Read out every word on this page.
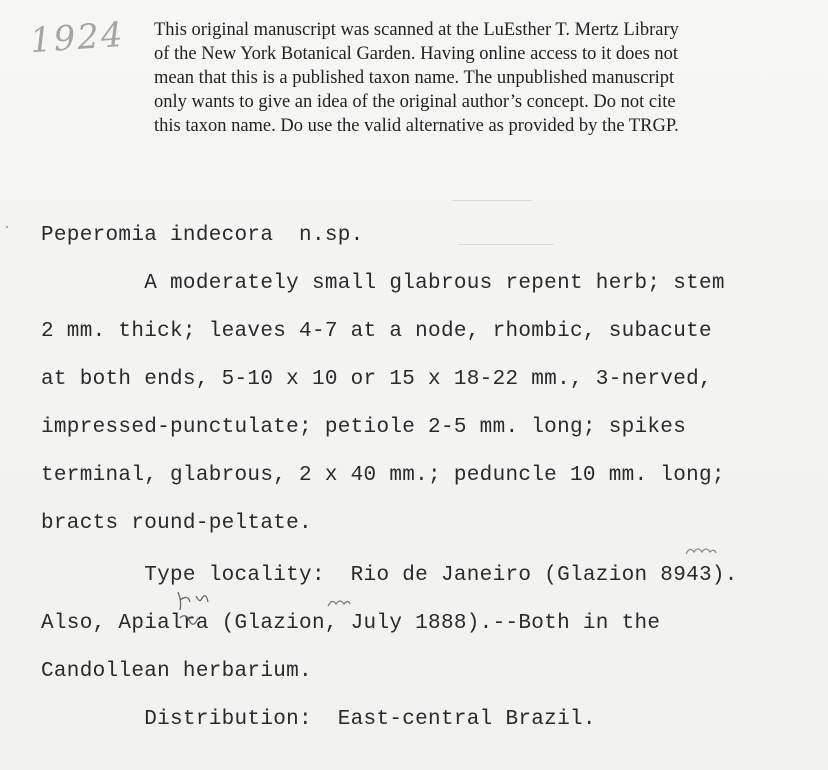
1924 This original manuscript was scanned at the LuEsther T. Mertz Library
of the New York Botanical Garden. Having online access to it does not
mean that this is a published taxon name. The unpublished manuscript
only wants to give an idea of the original author’s concept. Do not cite
this taxon name. Do use the valid alternative as provided by the TRGP.
Peperomia indecora  n.sp.
A moderately small glabrous repent herb; stem
2 mm. thick; leaves 4-7 at a node, rhombic, subacute
at both ends, 5-10 x 10 or 15 x 18-22 mm., 3-nerved,
impressed-punctulate; petiole 2-5 mm. long; spikes
terminal, glabrous, 2 x 40 mm.; peduncle 10 mm. long;
bracts round-peltate.
Type locality:  Rio de Janeiro (Glazion 8943).
Also, Apialra (Glazion, July 1888).--Both in the
Candollean herbarium.
Distribution:  East-central Brazil.
